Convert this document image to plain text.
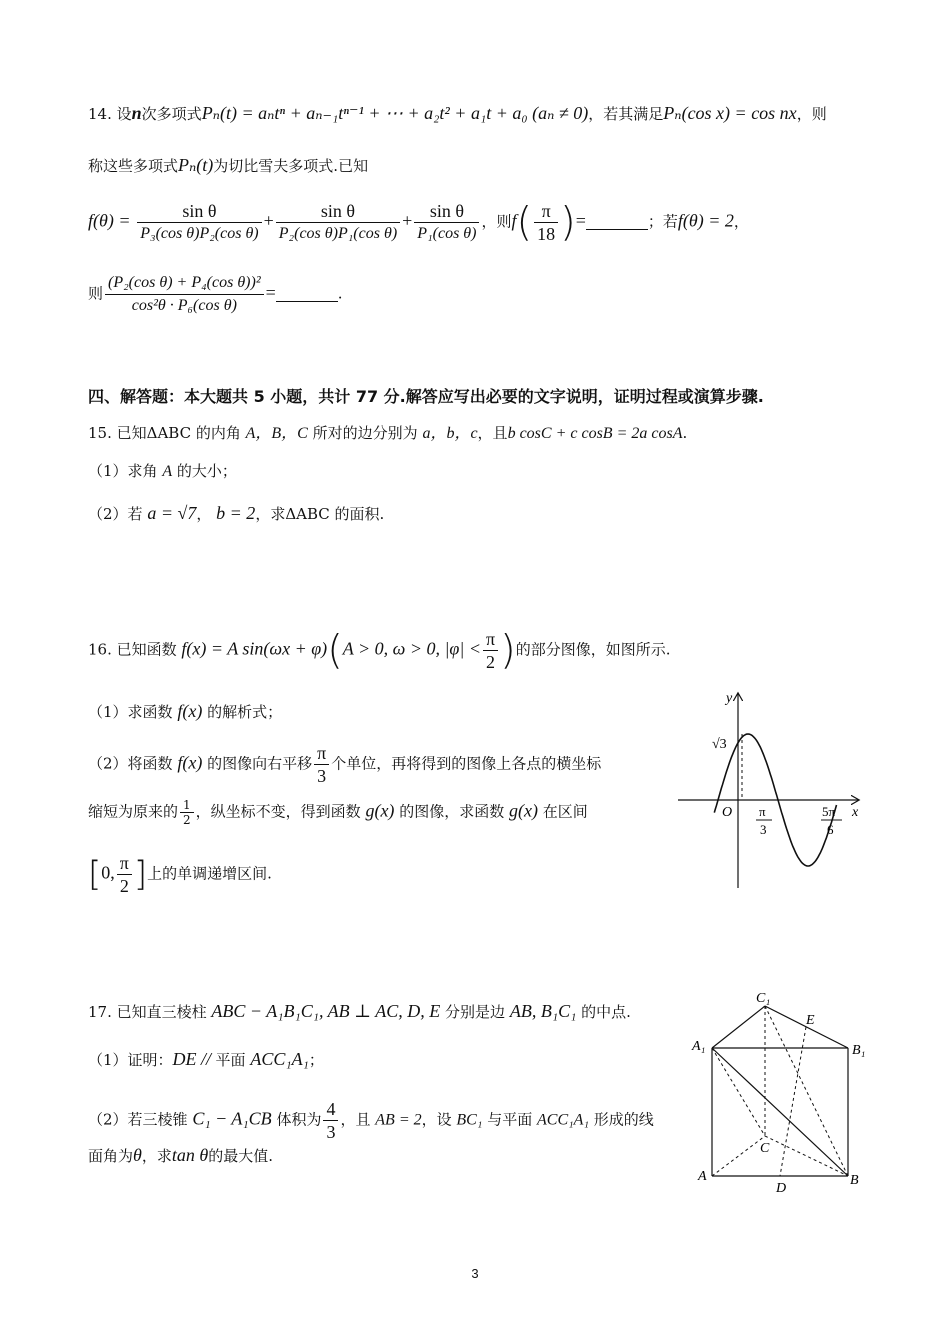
14. 设n次多项式Pₙ(t) = aₙtⁿ + aₙ₋₁tⁿ⁻¹ + ⋯ + a₂t² + a₁t + a₀ (aₙ ≠ 0)，若其满足Pₙ(cos x) = cos nx，则
称这些多项式Pₙ(t)为切比雪夫多项式.已知
$f(\theta) = \frac{\text{sin θ}}{\text{P₃(cos θ)P₂(cos θ)}} + \frac{\text{sin θ}}{\text{P₂(cos θ)P₁(cos θ)}} + \frac{\text{sin θ}}{\text{P₁(cos θ)}}$ ，则$f( \frac{\pi}{18}$ )=	；若f(θ) = 2，
则 $\frac{\text{(P₂(cos θ) + P₄(cos θ))²}}{\text{cos²θ · P₆(cos θ)}}$ =	.
四、解答题：本大题共 5 小题，共计 77 分.解答应写出必要的文字说明，证明过程或演算步骤.
15. 已知ΔABC 的内角 A，B，C 所对的边分别为 a，b，c，且b cosC + c cosB = 2a cosA.
（1）求角 A 的大小；
（2）若 a = √7， b = 2，求ΔABC 的面积.
16. 已知函数 f(x) = A sin(ωx + φ)(A > 0, ω > 0, $|\varphi| < \frac{\pi}{2}$ )的部分图像，如图所示.
（1）求函数 f(x) 的解析式；
（2）将函数 f(x) 的图像向右平移 $\frac{\pi}{3}$ 个单位，再将得到的图像上各点的横坐标
缩短为原来的 $\frac{1}{2}$ ，纵坐标不变，得到函数 g(x) 的图像，求函数 g(x) 在区间
[0, $\frac{\pi}{2}$ ]上的单调递增区间.
y
x
O
√3
π
3
5π
6
17. 已知直三棱柱 ABC − A₁B₁C₁, AB ⊥ AC, D, E 分别是边 AB, B₁C₁ 的中点.
（1）证明：DE // 平面 ACC₁A₁；
（2）若三棱锥 C₁ − A₁CB 体积为 $\frac{4}{3}$ ，且 AB = 2，设 BC₁ 与平面 ACC₁A₁ 形成的线
面角为θ，求tan θ的最大值.
C₁
E
A₁	B₁
C
A
D
B
3
